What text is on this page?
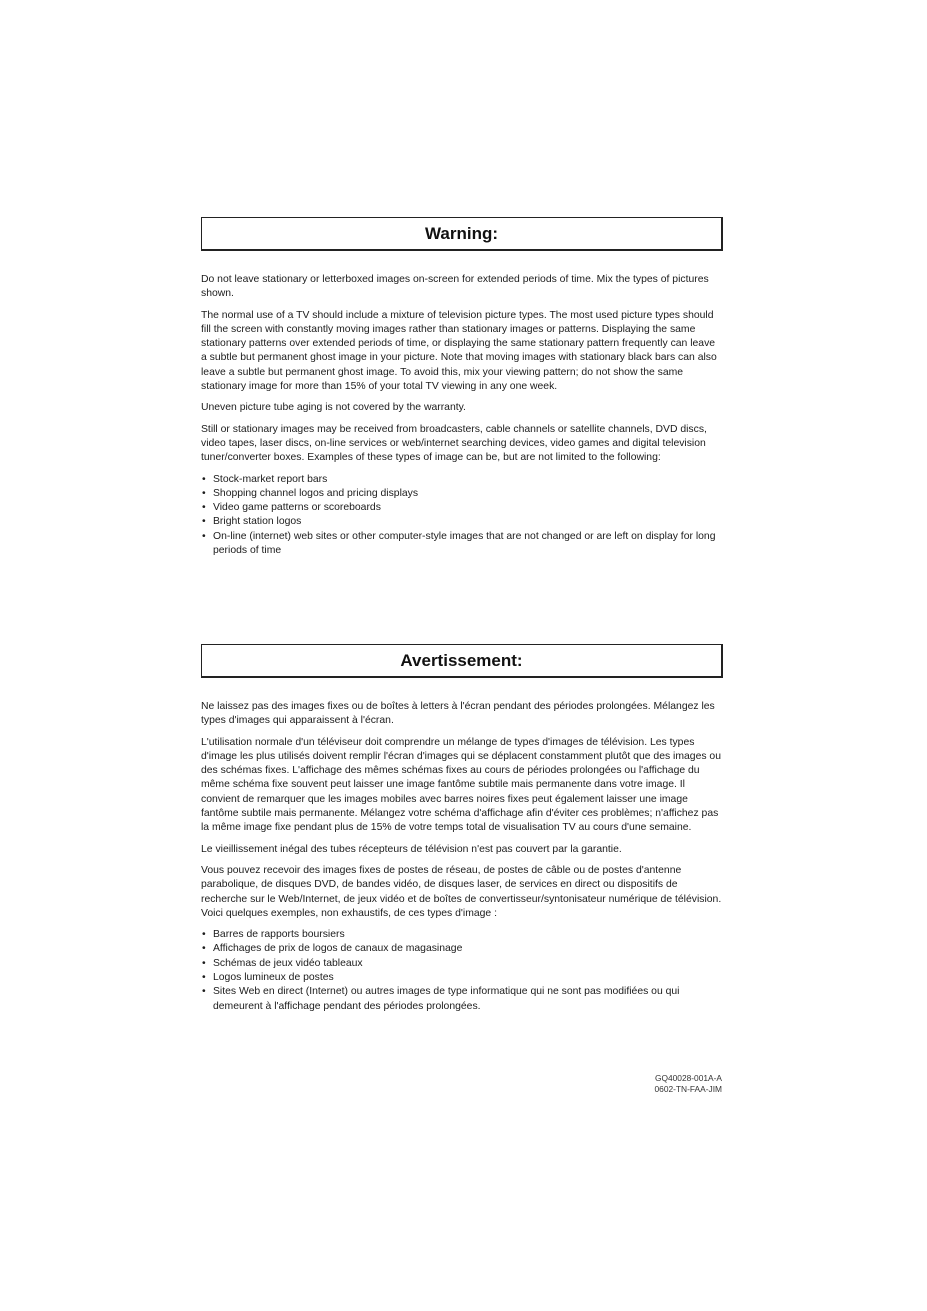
Warning:

Do not leave stationary or letterboxed images on-screen for extended periods of time. Mix the types of pictures shown.

The normal use of a TV should include a mixture of television picture types. The most used picture types should fill the screen with constantly moving images rather than stationary images or patterns. Displaying the same stationary patterns over extended periods of time, or displaying the same stationary pattern frequently can leave a subtle but permanent ghost image in your picture. Note that moving images with stationary black bars can also leave a subtle but permanent ghost image. To avoid this, mix your viewing pattern; do not show the same stationary image for more than 15% of your total TV viewing in any one week.

Uneven picture tube aging is not covered by the warranty.

Still or stationary images may be received from broadcasters, cable channels or satellite channels, DVD discs, video tapes, laser discs, on-line services or web/internet searching devices, video games and digital television tuner/converter boxes. Examples of these types of image can be, but are not limited to the following:

• Stock-market report bars
• Shopping channel logos and pricing displays
• Video game patterns or scoreboards
• Bright station logos
• On-line (internet) web sites or other computer-style images that are not changed or are left on display for long periods of time
Avertissement:

Ne laissez pas des images fixes ou de boîtes à letters à l'écran pendant des périodes prolongées. Mélangez les types d'images qui apparaissent à l'écran.

L'utilisation normale d'un téléviseur doit comprendre un mélange de types d'images de télévision. Les types d'image les plus utilisés doivent remplir l'écran d'images qui se déplacent constamment plutôt que des images ou des schémas fixes. L'affichage des mêmes schémas fixes au cours de périodes prolongées ou l'affichage du même schéma fixe souvent peut laisser une image fantôme subtile mais permanente dans votre image. Il convient de remarquer que les images mobiles avec barres noires fixes peut également laisser une image fantôme subtile mais permanente. Mélangez votre schéma d'affichage afin d'éviter ces problèmes; n'affichez pas la même image fixe pendant plus de 15% de votre temps total de visualisation TV au cours d'une semaine.

Le vieillissement inégal des tubes récepteurs de télévision n'est pas couvert par la garantie.

Vous pouvez recevoir des images fixes de postes de réseau, de postes de câble ou de postes d'antenne parabolique, de disques DVD, de bandes vidéo, de disques laser, de services en direct ou dispositifs de recherche sur le Web/Internet, de jeux vidéo et de boîtes de convertisseur/syntonisateur numérique de télévision. Voici quelques exemples, non exhaustifs, de ces types d'image :

• Barres de rapports boursiers
• Affichages de prix de logos de canaux de magasinage
• Schémas de jeux vidéo tableaux
• Logos lumineux de postes
• Sites Web en direct (Internet) ou autres images de type informatique qui ne sont pas modifiées ou qui demeurent à l'affichage pendant des périodes prolongées.
GQ40028-001A-A
0602-TN-FAA-JIM
